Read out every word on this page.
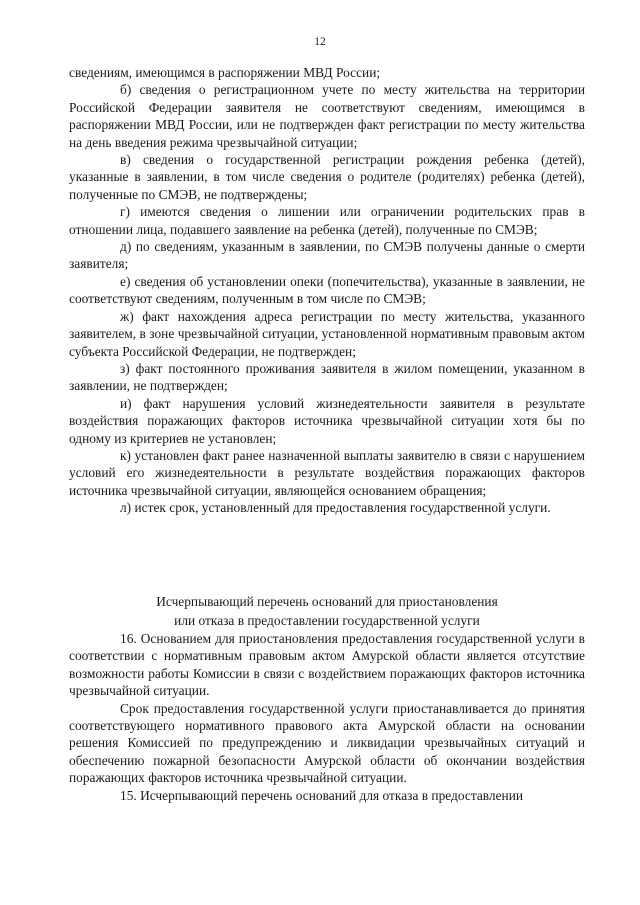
12

сведениям, имеющимся в распоряжении МВД России;

б) сведения о регистрационном учете по месту жительства на территории Российской Федерации заявителя не соответствуют сведениям, имеющимся в распоряжении МВД России, или не подтвержден факт регистрации по месту жительства на день введения режима чрезвычайной ситуации;

в) сведения о государственной регистрации рождения ребенка (детей), указанные в заявлении, в том числе сведения о родителе (родителях) ребенка (детей), полученные по СМЭВ, не подтверждены;

г) имеются сведения о лишении или ограничении родительских прав в отношении лица, подавшего заявление на ребенка (детей), полученные по СМЭВ;

д) по сведениям, указанным в заявлении, по СМЭВ получены данные о смерти заявителя;

е) сведения об установлении опеки (попечительства), указанные в заявлении, не соответствуют сведениям, полученным в том числе по СМЭВ;

ж) факт нахождения адреса регистрации по месту жительства, указанного заявителем, в зоне чрезвычайной ситуации, установленной нормативным правовым актом субъекта Российской Федерации, не подтвержден;

з) факт постоянного проживания заявителя в жилом помещении, указанном в заявлении, не подтвержден;

и) факт нарушения условий жизнедеятельности заявителя в результате воздействия поражающих факторов источника чрезвычайной ситуации хотя бы по одному из критериев не установлен;

к) установлен факт ранее назначенной выплаты заявителю в связи с нарушением условий его жизнедеятельности в результате воздействия поражающих факторов источника чрезвычайной ситуации, являющейся основанием обращения;

л) истек срок, установленный для предоставления государственной услуги.

Исчерпывающий перечень оснований для приостановления
или отказа в предоставлении государственной услуги

16. Основанием для приостановления предоставления государственной услуги в соответствии с нормативным правовым актом Амурской области является отсутствие возможности работы Комиссии в связи с воздействием поражающих факторов источника чрезвычайной ситуации.

Срок предоставления государственной услуги приостанавливается до принятия соответствующего нормативного правового акта Амурской области на основании решения Комиссией по предупреждению и ликвидации чрезвычайных ситуаций и обеспечению пожарной безопасности Амурской области об окончании воздействия поражающих факторов источника чрезвычайной ситуации.

15. Исчерпывающий перечень оснований для отказа в предоставлении
